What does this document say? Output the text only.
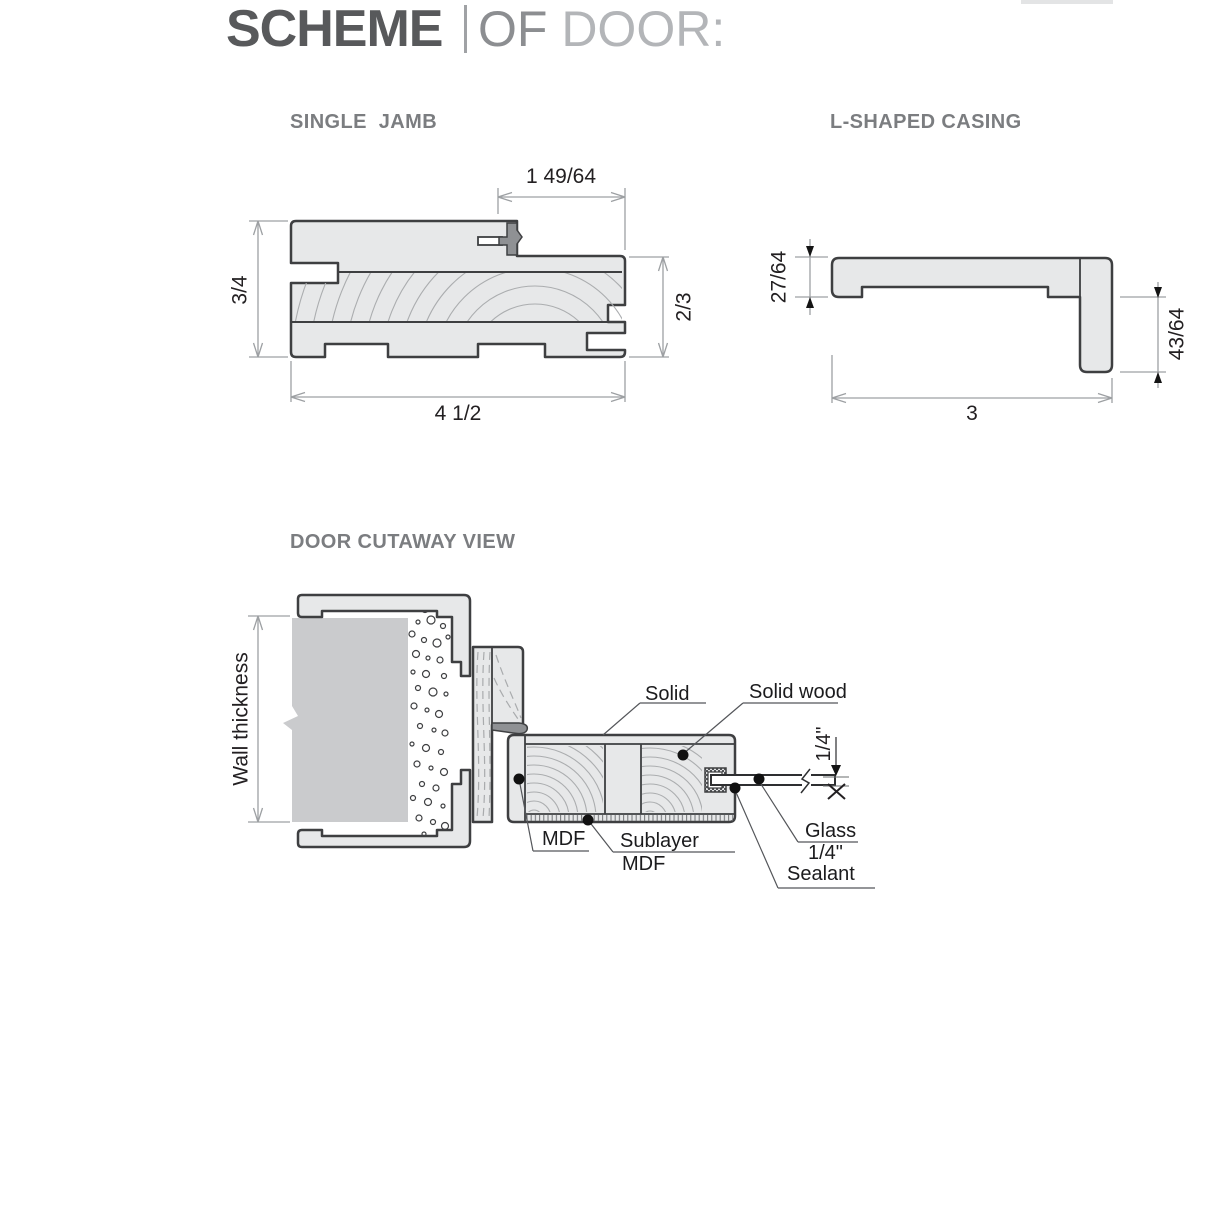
SCHEME OF DOOR:
SINGLE  JAMB	L-SHAPED CASING
DOOR CUTAWAY VIEW
1 49/64
3/4
2/3
4 1/2
27/64
43/64
3
Wall thickness	1/4"
Solid	Solid wood
MDF Sublayer
MDF
Glass
1/4"
Sealant
